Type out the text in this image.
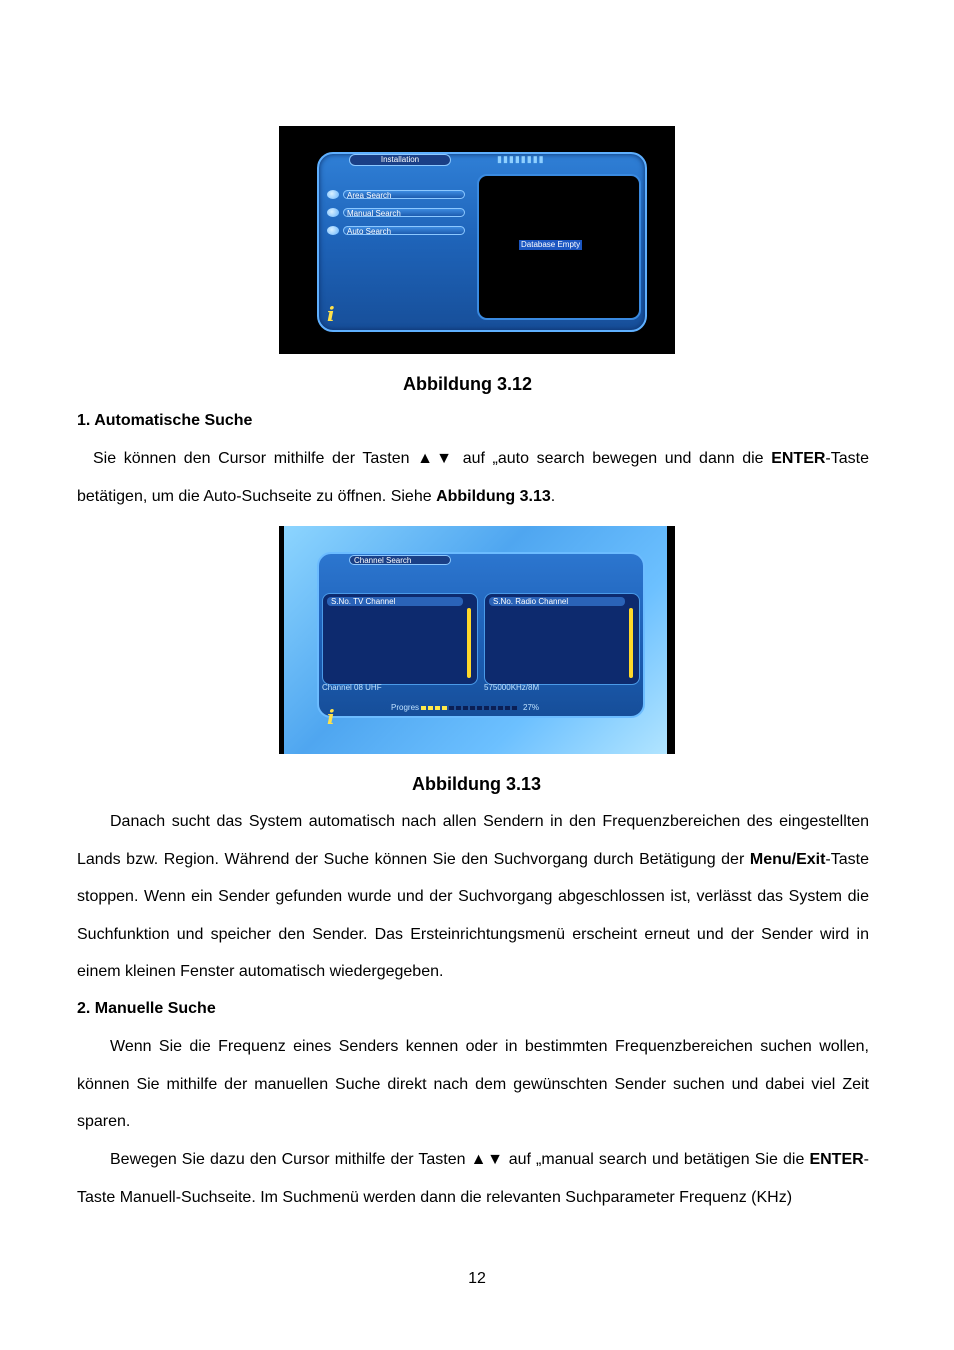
Installation	▮▮▮▮▮▮▮▮
Area Search
Manual Search
Auto Search
Database Empty
i
Abbildung 3.12
1. Automatische Suche
Sie können den Cursor mithilfe der Tasten ▲▼ auf „auto search bewegen und dann die ENTER-Taste betätigen, um die Auto-Suchseite zu öffnen. Siehe Abbildung 3.13.
Channel Search
S.No. TV Channel	S.No. Radio Channel
Channel 08 UHF	575000KHz/8M
Progres	27%
i
Abbildung 3.13
Danach sucht das System automatisch nach allen Sendern in den Frequenzbereichen des eingestellten Lands bzw. Region. Während der Suche können Sie den Suchvorgang durch Betätigung der Menu/Exit-Taste stoppen. Wenn ein Sender gefunden wurde und der Suchvorgang abgeschlossen ist, verlässt das System die Suchfunktion und speicher den Sender. Das Ersteinrichtungsmenü erscheint erneut und der Sender wird in einem kleinen Fenster automatisch wiedergegeben.
2. Manuelle Suche
Wenn Sie die Frequenz eines Senders kennen oder in bestimmten Frequenzbereichen suchen wollen, können Sie mithilfe der manuellen Suche direkt nach dem gewünschten Sender suchen und dabei viel Zeit sparen.
Bewegen Sie dazu den Cursor mithilfe der Tasten ▲▼ auf „manual search und betätigen Sie die ENTER-Taste Manuell-Suchseite. Im Suchmenü werden dann die relevanten Suchparameter Frequenz (KHz)
12
